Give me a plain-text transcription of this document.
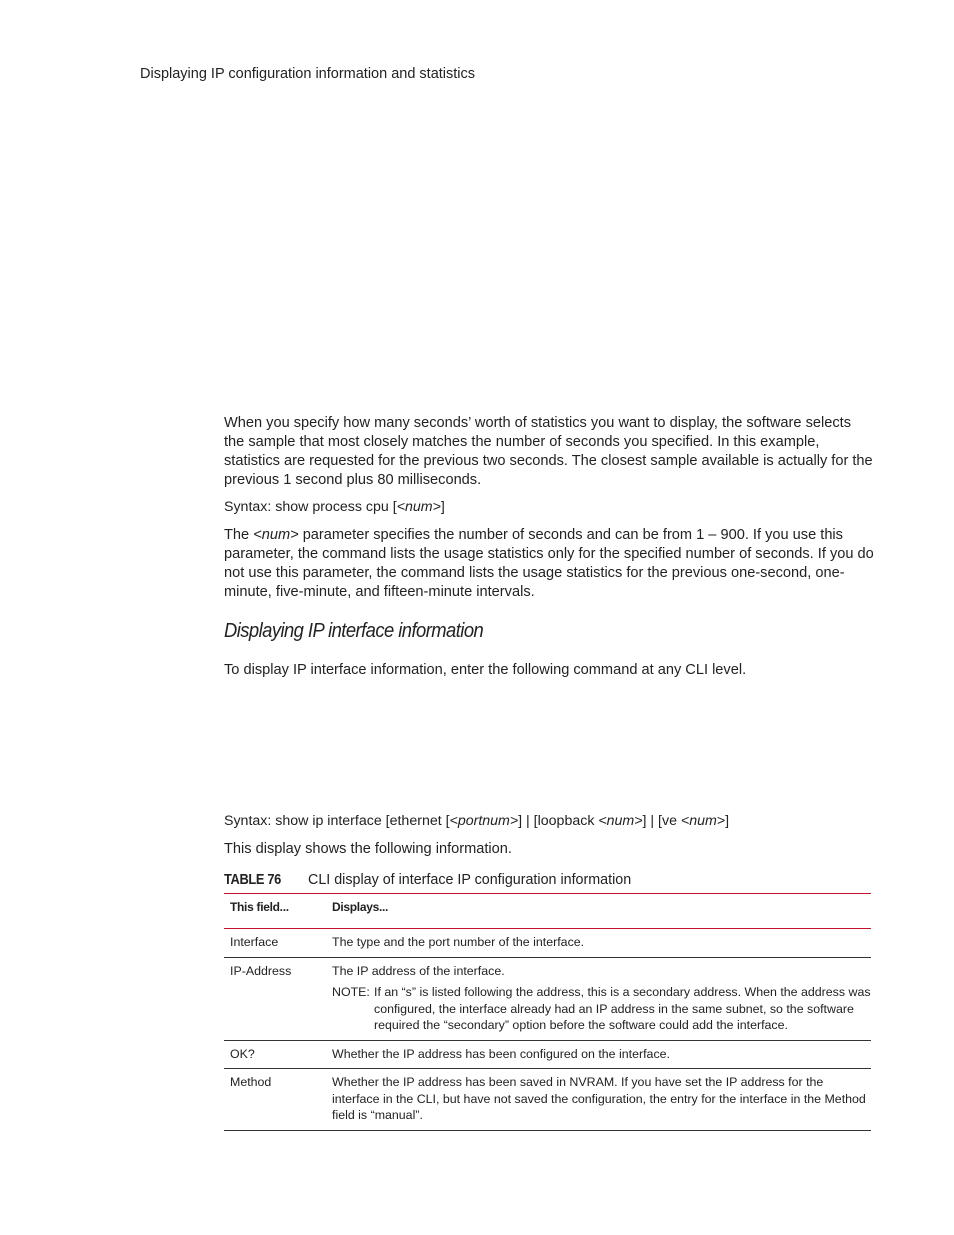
Displaying IP configuration information and statistics

When you specify how many seconds’ worth of statistics you want to display, the software selects the sample that most closely matches the number of seconds you specified. In this example, statistics are requested for the previous two seconds. The closest sample available is actually for the previous 1 second plus 80 milliseconds.

Syntax: show process cpu [<num>]

The <num> parameter specifies the number of seconds and can be from 1 – 900. If you use this parameter, the command lists the usage statistics only for the specified number of seconds. If you do not use this parameter, the command lists the usage statistics for the previous one-second, one-minute, five-minute, and fifteen-minute intervals.

Displaying IP interface information

To display IP interface information, enter the following command at any CLI level.

Syntax: show ip interface [ethernet [<portnum>] | [loopback <num>] | [ve <num>]

This display shows the following information.

TABLE 76 CLI display of interface IP configuration information
This field...	Displays...
Interface	The type and the port number of the interface.
IP-Address	The IP address of the interface.
NOTE: If an “s” is listed following the address, this is a secondary address. When the address was configured, the interface already had an IP address in the same subnet, so the software required the “secondary” option before the software could add the interface.

OK?	Whether the IP address has been configured on the interface.
Method	Whether the IP address has been saved in NVRAM. If you have set the IP address for the interface in the CLI, but have not saved the configuration, the entry for the interface in the Method field is “manual”.
